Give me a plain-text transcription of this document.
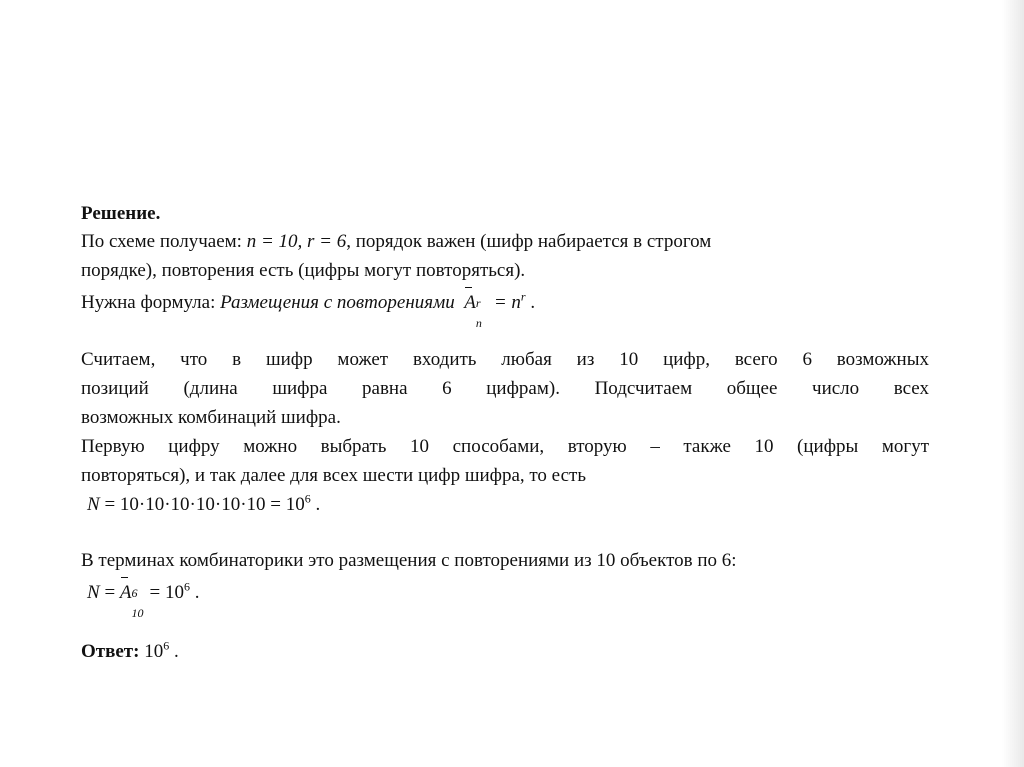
Решение.
По схеме получаем: n = 10, r = 6, порядок важен (шифр набирается в строгом
порядке), повторения есть (цифры могут повторяться).
Нужна формула: Размещения с повторениями A r
n
= $n^r$ .
Считаем, что в шифр может входить любая из 10 цифр, всего 6 возможных
позиций (длина шифра равна 6 цифрам). Подсчитаем общее число всех
возможных комбинаций шифра.
Первую цифру можно выбрать 10 способами, вторую – также 10 (цифры могут
повторяться), и так далее для всех шести цифр шифра, то есть
$N = 10\cdot 10\cdot 10\cdot 10\cdot 10\cdot 10 = 10^6$ .
В терминах комбинаторики это размещения с повторениями из 10 объектов по 6:
N = A 6
10
= $10^6$ .
Ответ: $10^6$ .
